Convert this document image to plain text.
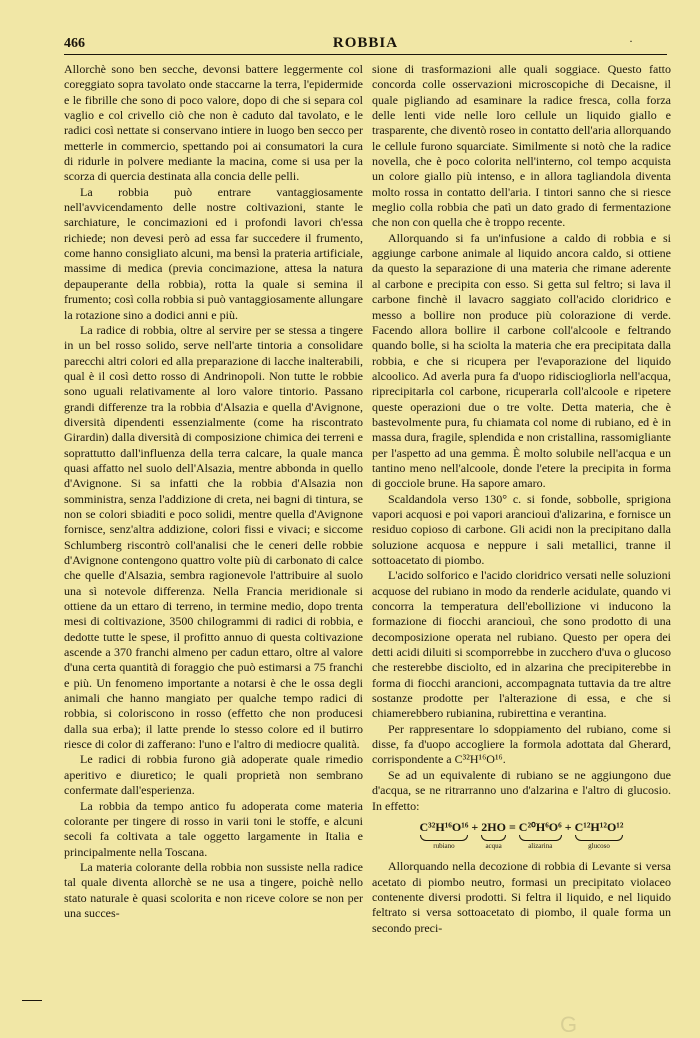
466	ROBBIA	·

Allorchè sono ben secche, devonsi battere leggermente col coreggiato sopra tavolato onde staccarne la terra, l'epidermide e le fibrille che sono di poco valore, dopo di che si separa col vaglio e col crivello ciò che non è caduto dal tavolato, e le radici così nettate si conservano intiere in luogo ben secco per metterle in commercio, spettando poi ai consumatori la cura di ridurle in polvere mediante la macina, come si usa per la scorza di quercia destinata alla concia delle pelli.

La robbia può entrare vantaggiosamente nell'avvicendamento delle nostre coltivazioni, stante le sarchiature, le concimazioni ed i profondi lavori ch'essa richiede; non devesi però ad essa far succedere il frumento, come hanno consigliato alcuni, ma bensì la prateria artificiale, massime di medica (previa concimazione, attesa la natura depauperante della robbia), rotta la quale si semina il frumento; così colla robbia si può vantaggiosamente allungare la rotazione sino a dodici anni e più.

La radice di robbia, oltre al servire per se stessa a tingere in un bel rosso solido, serve nell'arte tintoria a consolidare parecchi altri colori ed alla preparazione di lacche inalterabili, qual è il così detto rosso di Andrinopoli. Non tutte le robbie sono uguali relativamente al loro valore tintorio. Passano grandi differenze tra la robbia d'Alsazia e quella d'Avignone, diversità dipendenti essenzialmente (come ha riscontrato Girardin) dalla diversità di composizione chimica dei terreni e soprattutto dall'influenza della terra calcare, la quale manca quasi affatto nel suolo dell'Alsazia, mentre abbonda in quello d'Avignone. Si sa infatti che la robbia d'Alsazia non somministra, senza l'addizione di creta, nei bagni di tintura, se non se colori sbiaditi e poco solidi, mentre quella d'Avignone fornisce, senz'altra addizione, colori fissi e vivaci; e siccome Schlumberg riscontrò coll'analisi che le ceneri delle robbie d'Avignone contengono quattro volte più di carbonato di calce che quelle d'Alsazia, sembra ragionevole l'attribuire al suolo una sì notevole differenza. Nella Francia meridionale si ottiene da un ettaro di terreno, in termine medio, dopo trenta mesi di coltivazione, 3500 chilogrammi di radici di robbia, e dedotte tutte le spese, il profitto annuo di questa coltivazione ascende a 370 franchi almeno per cadun ettaro, oltre al valore d'una certa quantità di foraggio che può estimarsi a 75 franchi e più. Un fenomeno importante a notarsi è che le ossa degli animali che hanno mangiato per qualche tempo radici di robbia, si coloriscono in rosso (effetto che non producesi dalla sua erba); il latte prende lo stesso colore ed il butirro riesce di color di zafferano: l'uno e l'altro di mediocre qualità.

Le radici di robbia furono già adoperate quale rimedio aperitivo e diuretico; le quali proprietà non sembrano confermate dall'esperienza.

La robbia da tempo antico fu adoperata come materia colorante per tingere di rosso in varii toni le stoffe, e alcuni secoli fa coltivata a tale oggetto largamente in Italia e principalmente nella Toscana.

La materia colorante della robbia non sussiste nella radice tal quale diventa allorchè se ne usa a tingere, poichè nello stato naturale è quasi scolorita e non riceve colore se non per una succes-

sione di trasformazioni alle quali soggiace. Questo fatto concorda colle osservazioni microscopiche di Decaisne, il quale pigliando ad esaminare la radice fresca, colla forza delle lenti vide nelle loro cellule un liquido giallo e trasparente, che diventò roseo in contatto dell'aria allorquando le cellule furono squarciate. Similmente si notò che la radice novella, che è poco colorita nell'interno, col tempo acquista un colore giallo più intenso, e in allora tagliandola diventa molto rossa in contatto dell'aria. I tintori sanno che si riesce meglio colla robbia che patì un dato grado di fermentazione che non con quella che è troppo recente.

Allorquando si fa un'infusione a caldo di robbia e si aggiunge carbone animale al liquido ancora caldo, si ottiene da questo la separazione di una materia che rimane aderente al carbone e precipita con esso. Si getta sul feltro; si lava il carbone finchè il lavacro saggiato coll'acido cloridrico e messo a bollire non produce più colorazione di verde. Facendo allora bollire il carbone coll'alcoole e feltrando quando bolle, si ha sciolta la materia che era precipitata dalla robbia, e che si ricupera per l'evaporazione del liquido alcoolico. Ad averla pura fa d'uopo ridisciogliorla nell'acqua, riprecipitarla col carbone, ricuperarla coll'alcoole e ripetere queste operazioni due o tre volte. Detta materia, che è bastevolmente pura, fu chiamata col nome di rubiano, ed è in massa dura, fragile, splendida e non cristallina, rassomigliante per l'aspetto ad una gemma. È molto solubile nell'acqua e un tantino meno nell'alcoole, donde l'etere la precipita in forma di gocciole brune. Ha sapore amaro.

Scaldandola verso 130° c. si fonde, sobbolle, sprigiona vapori acquosi e poi vapori aranciouì d'alizarina, e fornisce un residuo copioso di carbone. Gli acidi non la precipitano dalla soluzione acquosa e neppure i sali metallici, tranne il sottoacetato di piombo.

L'acido solforico e l'acido cloridrico versati nelle soluzioni acquose del rubiano in modo da renderle acidulate, quando vi concorra la temperatura dell'ebollizione vi inducono la formazione di fiocchi aranciouì, che sono prodotto di una decomposizione operata nel rubiano. Questo per opera dei detti acidi diluiti si scomporrebbe in zucchero d'uva o glucoso che resterebbe disciolto, ed in alzarina che precipiterebbe in forma di fiocchi arancioni, accompagnata tuttavia da tre altre sostanze prodotte per l'alterazione di essa, e che si chiamerebbero rubianina, rubirettina e verantina.

Per rappresentare lo sdoppiamento del rubiano, come si disse, fa d'uopo accogliere la formola adottata dal Gherard, corrispondente a C³²H¹⁶O¹⁶.

Se ad un equivalente di rubiano se ne aggiungono due d'acqua, se ne ritrarranno uno d'alzarina e l'altro di glucosio. In effetto:

C³²H¹⁶O¹⁶
rubiano
+ 2HO
acqua
= C²⁰H⁶O⁶
alizarina
+ C¹²H¹²O¹²
glucoso

Allorquando nella decozione di robbia di Levante si versa acetato di piombo neutro, formasi un precipitato violaceo contenente diversi prodotti. Si feltra il liquido, e nel liquido feltrato si versa sottoacetato di piombo, il quale forma un secondo preci-

G
